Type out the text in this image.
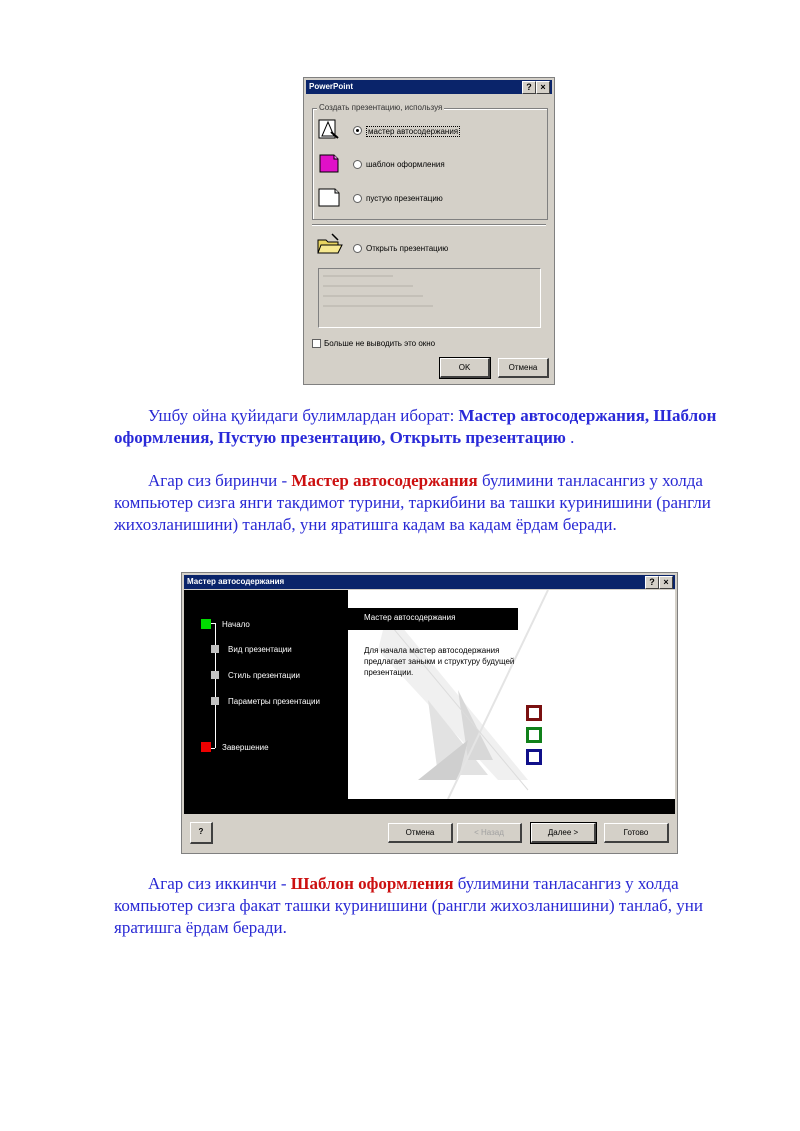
PowerPoint	? ×
Создать презентацию, используя
мастер автосодержания
шаблон оформления
пустую презентацию
Открыть презентацию
Больше не выводить это окно
OK	Отмена
Ушбу ойна қуйидаги булимлардан иборат: Мастер автосодержания, Шаблон оформления, Пустую презентацию, Открыть презентацию .
Агар сиз биринчи - Мастер автосодержания булимини танласангиз у холда компьютер сизга янги такдимот турини, таркибини ва ташки куринишини (рангли жихозланишини) танлаб, уни яратишга кадам ва кадам ёрдам беради.
Мастер автосодержания	? ×
Начало
Вид презентации
Стиль презентации
Параметры презентации
Завершение
Мастер автосодержания
Для начала мастер автосодержания предлагает заныкм и структуру будущей презентации.
?	Отмена	< Назад	Далее >	Готово
Агар сиз иккинчи - Шаблон оформления булимини танласангиз у холда компьютер сизга факат ташки куринишини (рангли жихозланишини) танлаб, уни яратишга ёрдам беради.
